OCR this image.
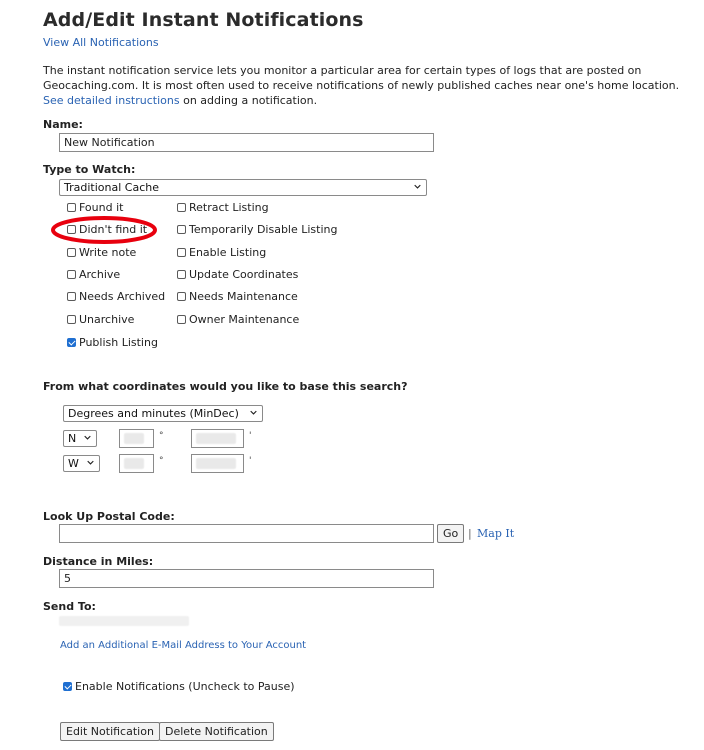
Add/Edit Instant Notifications
View All Notifications
The instant notification service lets you monitor a particular area for certain types of logs that are posted on Geocaching.com. It is most often used to receive notifications of newly published caches near one's home location. See detailed instructions on adding a notification.
Name:
New Notification
Type to Watch:
Traditional Cache
Found it
Didn't find it
Write note
Archive
Needs Archived
Unarchive
Publish Listing
Retract Listing
Temporarily Disable Listing
Enable Listing
Update Coordinates
Needs Maintenance
Owner Maintenance
From what coordinates would you like to base this search?
Degrees and minutes (MinDec)
N	°	'
W	°	'
Look Up Postal Code:
Go | Map It
Distance in Miles:
5
Send To:
Add an Additional E-Mail Address to Your Account
Enable Notifications (Uncheck to Pause)
Edit Notification	Delete Notification
